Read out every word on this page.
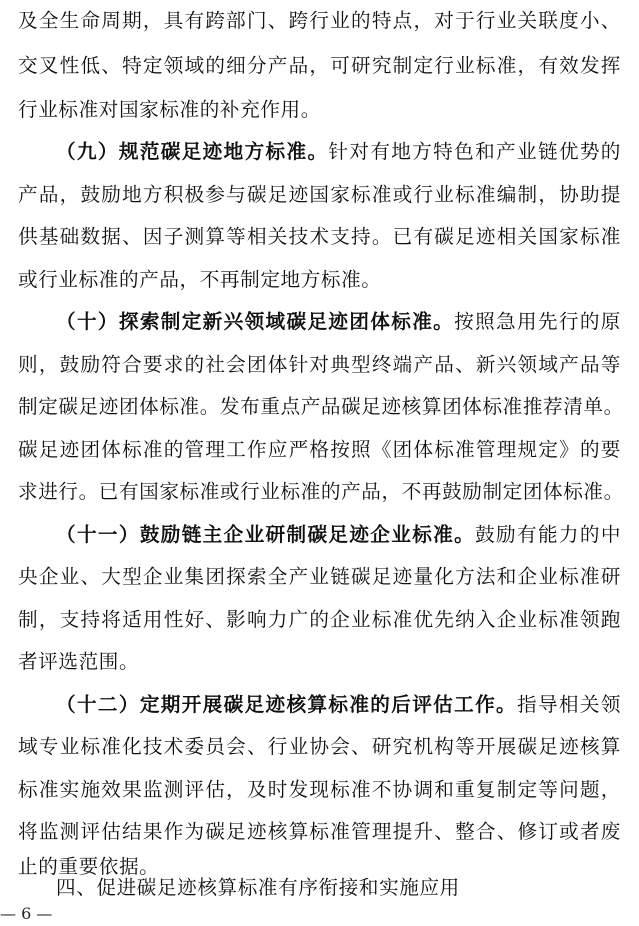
及全生命周期，具有跨部门、跨行业的特点，对于行业关联度小、
交叉性低、特定领域的细分产品，可研究制定行业标准，有效发挥
行业标准对国家标准的补充作用。
（九）规范碳足迹地方标准。针对有地方特色和产业链优势的
产品，鼓励地方积极参与碳足迹国家标准或行业标准编制，协助提
供基础数据、因子测算等相关技术支持。已有碳足迹相关国家标准
或行业标准的产品，不再制定地方标准。
（十）探索制定新兴领域碳足迹团体标准。按照急用先行的原
则，鼓励符合要求的社会团体针对典型终端产品、新兴领域产品等
制定碳足迹团体标准。发布重点产品碳足迹核算团体标准推荐清单。
碳足迹团体标准的管理工作应严格按照《团体标准管理规定》的要
求进行。已有国家标准或行业标准的产品，不再鼓励制定团体标准。
（十一）鼓励链主企业研制碳足迹企业标准。鼓励有能力的中
央企业、大型企业集团探索全产业链碳足迹量化方法和企业标准研
制，支持将适用性好、影响力广的企业标准优先纳入企业标准领跑
者评选范围。
（十二）定期开展碳足迹核算标准的后评估工作。指导相关领
域专业标准化技术委员会、行业协会、研究机构等开展碳足迹核算
标准实施效果监测评估，及时发现标准不协调和重复制定等问题，
将监测评估结果作为碳足迹核算标准管理提升、整合、修订或者废
四、促进碳足迹核算标准有序衔接和实施应用
— 6 —
止的重要依据。
